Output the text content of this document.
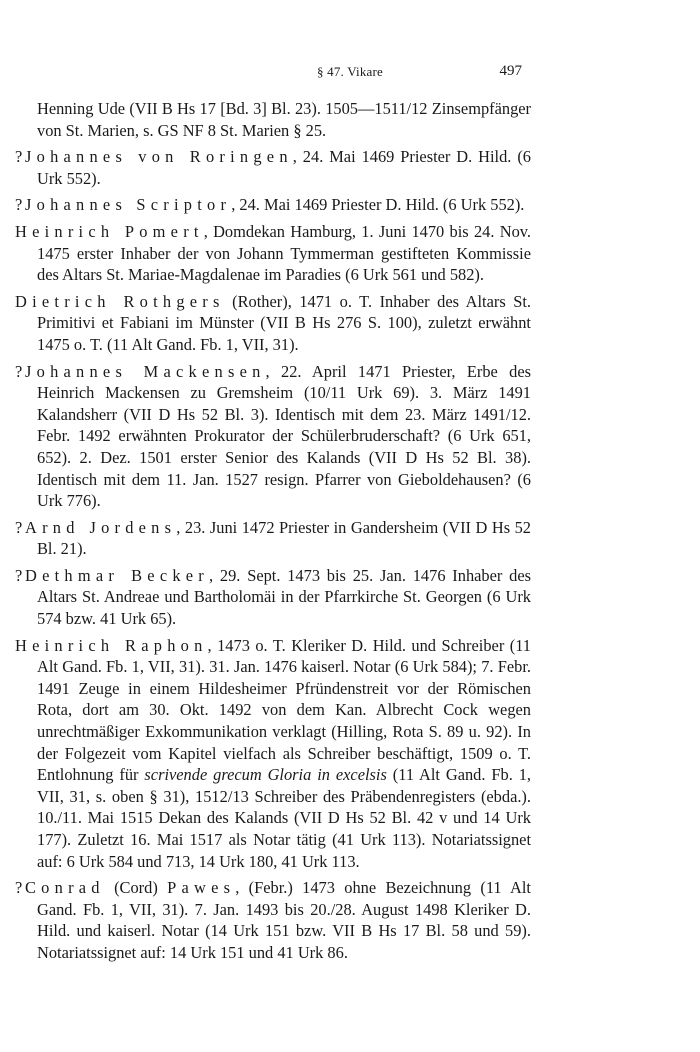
§ 47. Vikare	497

Henning Ude (VII B Hs 17 [Bd. 3] Bl. 23). 1505—1511/12 Zinsempfänger von St. Marien, s. GS NF 8 St. Marien § 25.

? Johannes von Roringen, 24. Mai 1469 Priester D. Hild. (6 Urk 552).

? Johannes Scriptor, 24. Mai 1469 Priester D. Hild. (6 Urk 552).

Heinrich Pomert, Domdekan Hamburg, 1. Juni 1470 bis 24. Nov. 1475 erster Inhaber der von Johann Tymmerman gestifteten Kommissie des Altars St. Mariae-Magdalenae im Paradies (6 Urk 561 und 582).

Dietrich Rothgers (Rother), 1471 o. T. Inhaber des Altars St. Primitivi et Fabiani im Münster (VII B Hs 276 S. 100), zuletzt erwähnt 1475 o. T. (11 Alt Gand. Fb. 1, VII, 31).

? Johannes Mackensen, 22. April 1471 Priester, Erbe des Heinrich Mackensen zu Gremsheim (10/11 Urk 69). 3. März 1491 Kalandsherr (VII D Hs 52 Bl. 3). Identisch mit dem 23. März 1491/12. Febr. 1492 erwähnten Prokurator der Schülerbruderschaft? (6 Urk 651, 652). 2. Dez. 1501 erster Senior des Kalands (VII D Hs 52 Bl. 38). Identisch mit dem 11. Jan. 1527 resign. Pfarrer von Gieboldehausen? (6 Urk 776).

? Arnd Jordens, 23. Juni 1472 Priester in Gandersheim (VII D Hs 52 Bl. 21).

? Dethmar Becker, 29. Sept. 1473 bis 25. Jan. 1476 Inhaber des Altars St. Andreae und Bartholomäi in der Pfarrkirche St. Georgen (6 Urk 574 bzw. 41 Urk 65).

Heinrich Raphon, 1473 o. T. Kleriker D. Hild. und Schreiber (11 Alt Gand. Fb. 1, VII, 31). 31. Jan. 1476 kaiserl. Notar (6 Urk 584); 7. Febr. 1491 Zeuge in einem Hildesheimer Pfründenstreit vor der Römischen Rota, dort am 30. Okt. 1492 von dem Kan. Albrecht Cock wegen unrechtmäßiger Exkommunikation verklagt (Hilling, Rota S. 89 u. 92). In der Folgezeit vom Kapitel vielfach als Schreiber beschäftigt, 1509 o. T. Entlohnung für scrivende grecum Gloria in excelsis (11 Alt Gand. Fb. 1, VII, 31, s. oben § 31), 1512/13 Schreiber des Präbendenregisters (ebda.). 10./11. Mai 1515 Dekan des Kalands (VII D Hs 52 Bl. 42 v und 14 Urk 177). Zuletzt 16. Mai 1517 als Notar tätig (41 Urk 113). Notariatssignet auf: 6 Urk 584 und 713, 14 Urk 180, 41 Urk 113.

? Conrad (Cord) Pawes, (Febr.) 1473 ohne Bezeichnung (11 Alt Gand. Fb. 1, VII, 31). 7. Jan. 1493 bis 20./28. August 1498 Kleriker D. Hild. und kaiserl. Notar (14 Urk 151 bzw. VII B Hs 17 Bl. 58 und 59). Notariatssignet auf: 14 Urk 151 und 41 Urk 86.
